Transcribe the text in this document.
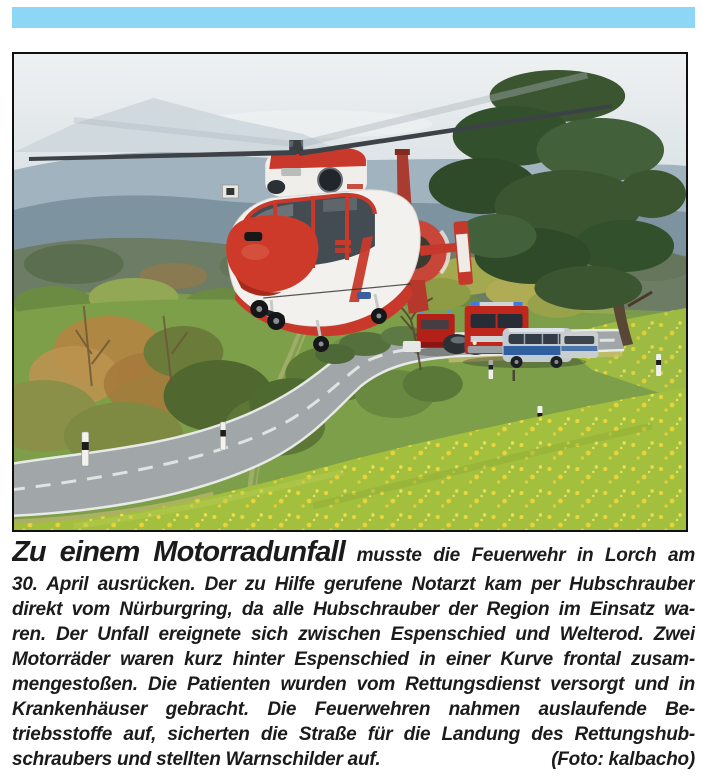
Zu einem Motorradunfall musste die Feuerwehr in Lorch am
30. April ausrücken. Der zu Hilfe gerufene Notarzt kam per Hubschrauber
direkt vom Nürburgring, da alle Hubschrauber der Region im Einsatz wa-
ren. Der Unfall ereignete sich zwischen Espenschied und Welterod. Zwei
Motorräder waren kurz hinter Espenschied in einer Kurve frontal zusam-
mengestoßen. Die Patienten wurden vom Rettungsdienst versorgt und in
Krankenhäuser gebracht. Die Feuerwehren nahmen auslaufende Be-
triebsstoffe auf, sicherten die Straße für die Landung des Rettungshub-
schraubers und stellten Warnschilder auf.	(Foto: kalbacho)
